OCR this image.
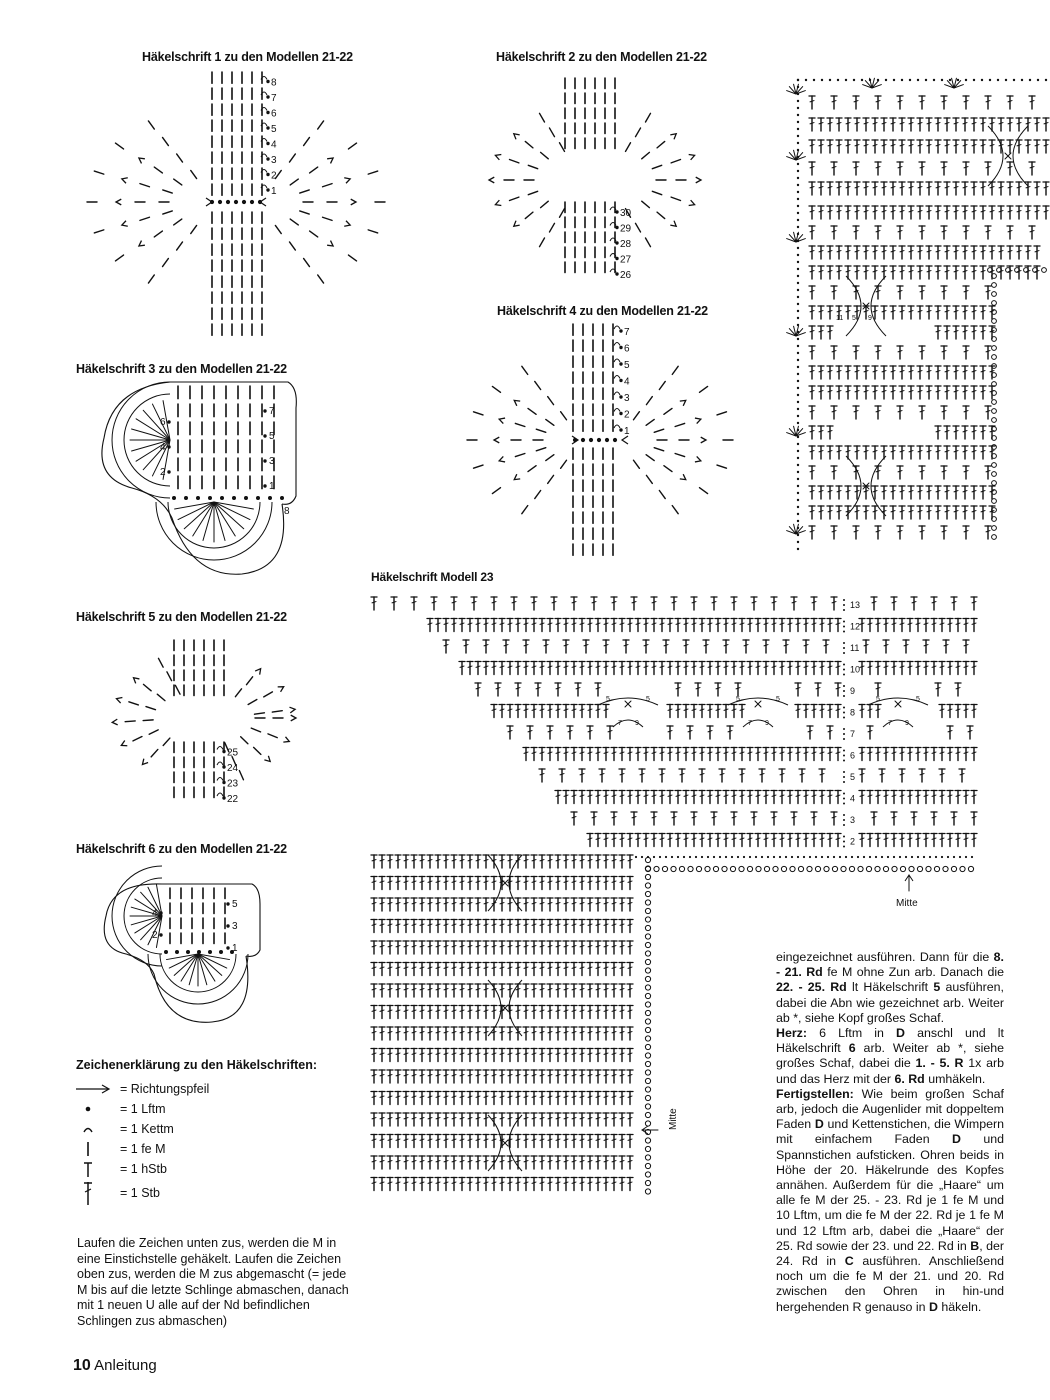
Häkelschrift 1 zu den Modellen 21-22	Häkelschrift 2 zu den Modellen 21-22
Häkelschrift 3 zu den Modellen 21-22
Häkelschrift 4 zu den Modellen 21-22
Häkelschrift 5 zu den Modellen 21-22
Häkelschrift 6 zu den Modellen 21-22
Häkelschrift Modell 23
1
2
3
4
5
6
7
8
26
27
28
29
30
2
4
6
1
3
5
7
8
1
2
3
4
5
6
7
22
23
24
25
2
4
1
3
5
11 5 9
13
12
11
10
9
8
7
6
5
4
3
2
5	5
7 9
5	5
7 9
5	5
7 9
Mitte
Mitte
Zeichenerklärung zu den Häkelschriften:
= Richtungspfeil
= 1 Lftm
= 1 Kettm
= 1 fe M
= 1 hStb
= 1 Stb
Laufen die Zeichen unten zus, werden die M in eine Einstichstelle gehäkelt. Laufen die Zeichen oben zus, werden die M zus abgemascht (= jede M bis auf die letzte Schlinge abmaschen, danach mit 1 neuen U alle auf der Nd befindlichen Schlingen zus abmaschen)
eingezeichnet ausführen. Dann für die 8. - 21. Rd fe M ohne Zun arb. Danach die 22. - 25. Rd lt Häkelschrift 5 ausführen, dabei die Abn wie gezeichnet arb. Weiter ab *, siehe Kopf großes Schaf.
Herz: 6 Lftm in D anschl und lt Häkelschrift 6 arb. Weiter ab *, siehe großes Schaf, dabei die 1. - 5. R 1x arb und das Herz mit der 6. Rd umhäkeln.
Fertigstellen: Wie beim großen Schaf arb, jedoch die Augenlider mit doppeltem Faden D und Kettenstichen, die Wimpern mit einfachem Faden D und Spannstichen aufsticken. Ohren beids in Höhe der 20. Häkelrunde des Kopfes annähen. Außerdem für die „Haare“ um alle fe M der 25. - 23. Rd je 1 fe M und 10 Lftm, um die fe M der 22. Rd je 1 fe M und 12 Lftm arb, dabei die „Haare“ der 25. Rd sowie der 23. und 22. Rd in B, der 24. Rd in C ausführen. Anschließend noch um die fe M der 21. und 20. Rd zwischen den Ohren in hin-und hergehenden R genauso in D häkeln.
10 Anleitung
